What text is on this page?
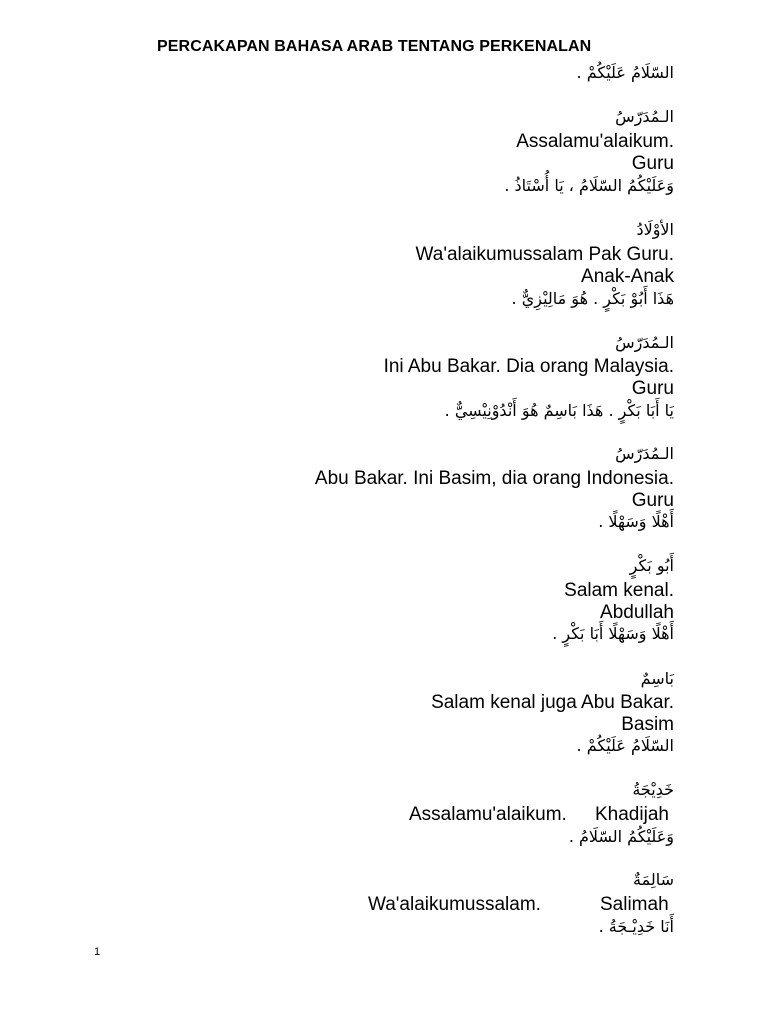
PERCAKAPAN BAHASA ARAB TENTANG PERKENALAN
السّلَامُ عَلَيْكُمْ .
الـمُدَرّسُ
Assalamu'alaikum.
Guru
وَعَلَيْكُمُ السّلَامُ ، يَا أُسْتَاذُ .
الأوْلَادُ
Wa'alaikumussalam Pak Guru.
Anak-Anak
هَذَا أَبُوْ بَكْرٍ . هُوَ مَالِيْزِيٌّ .
الـمُدَرّسُ
Ini Abu Bakar. Dia orang Malaysia.
Guru
يَا أَبَا بَكْرٍ . هَذَا بَاسِمٌ هُوَ أَنْدُوْنِيْسِيٌّ .
الـمُدَرّسُ
Abu Bakar. Ini Basim, dia orang Indonesia.
Guru
أَهْلًا وَسَهْلًا .
أَبُو بَكْرٍ
Salam kenal.
Abdullah
أَهْلًا وَسَهْلًا أَبَا بَكْرٍ .
بَاسِمٌ
Salam kenal juga Abu Bakar.
Basim
السّلَامُ عَلَيْكُمْ .
خَدِيْجَةُ
Assalamu'alaikum. Khadijah
وَعَلَيْكُمُ السّلَامُ .
سَالِمَةٌ
Wa'alaikumussalam.	Salimah
أَنَا خَدِيْـجَةُ .
1
